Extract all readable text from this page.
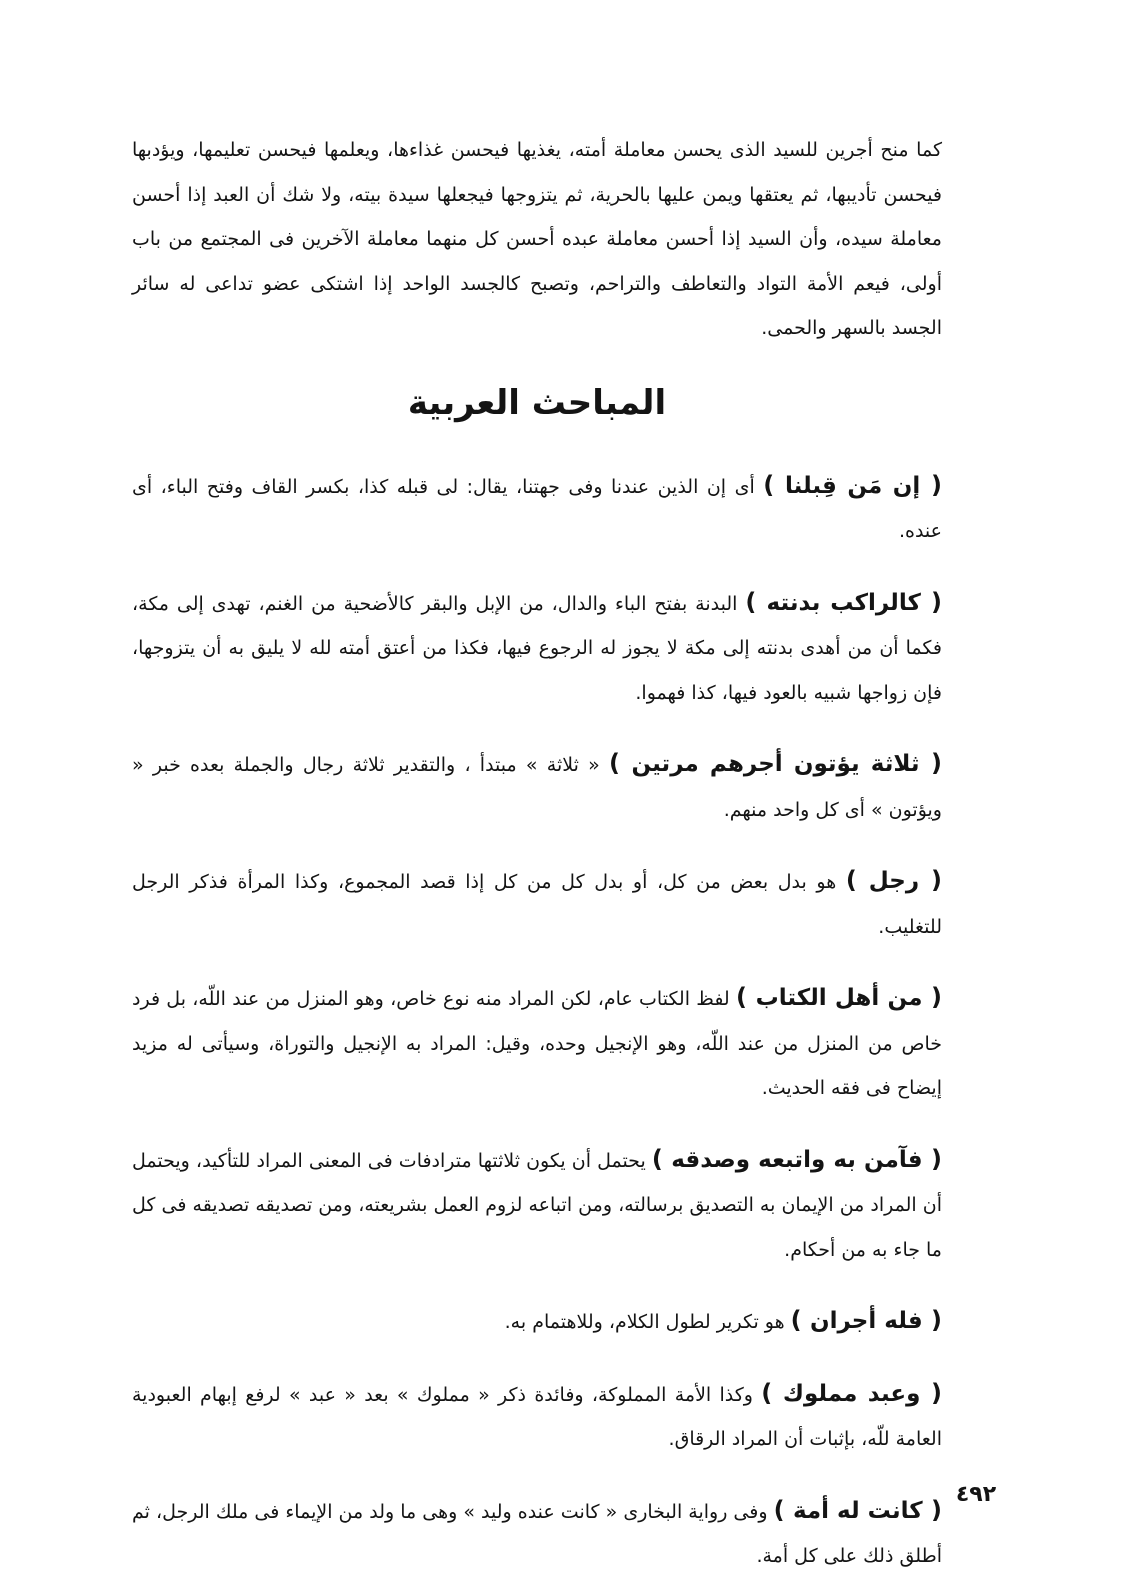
كما منح أجرين للسيد الذى يحسن معاملة أمته، يغذيها فيحسن غذاءها، ويعلمها فيحسن تعليمها، ويؤدبها فيحسن تأديبها، ثم يعتقها ويمن عليها بالحرية، ثم يتزوجها فيجعلها سيدة بيته، ولا شك أن العبد إذا أحسن معاملة سيده، وأن السيد إذا أحسن معاملة عبده أحسن كل منهما معاملة الآخرين فى المجتمع من باب أولى، فيعم الأمة التواد والتعاطف والتراحم، وتصبح كالجسد الواحد إذا اشتكى عضو تداعى له سائر الجسد بالسهر والحمى.

المباحث العربية

( إن مَن قِبلنا ) أى إن الذين عندنا وفى جهتنا، يقال: لى قبله كذا، بكسر القاف وفتح الباء، أى عنده.

( كالراكب بدنته ) البدنة بفتح الباء والدال، من الإبل والبقر كالأضحية من الغنم، تهدى إلى مكة، فكما أن من أهدى بدنته إلى مكة لا يجوز له الرجوع فيها، فكذا من أعتق أمته لله لا يليق به أن يتزوجها، فإن زواجها شبيه بالعود فيها، كذا فهموا.

( ثلاثة يؤتون أجرهم مرتين ) « ثلاثة » مبتدأ ، والتقدير ثلاثة رجال والجملة بعده خبر « ويؤتون » أى كل واحد منهم.

( رجل ) هو بدل بعض من كل، أو بدل كل من كل إذا قصد المجموع، وكذا المرأة فذكر الرجل للتغليب.

( من أهل الكتاب ) لفظ الكتاب عام، لكن المراد منه نوع خاص، وهو المنزل من عند اللّه، بل فرد خاص من المنزل من عند اللّه، وهو الإنجيل وحده، وقيل: المراد به الإنجيل والتوراة، وسيأتى له مزيد إيضاح فى فقه الحديث.

( فآمن به واتبعه وصدقه ) يحتمل أن يكون ثلاثتها مترادفات فى المعنى المراد للتأكيد، ويحتمل أن المراد من الإيمان به التصديق برسالته، ومن اتباعه لزوم العمل بشريعته، ومن تصديقه تصديقه فى كل ما جاء به من أحكام.

( فله أجران ) هو تكرير لطول الكلام، وللاهتمام به.

( وعبد مملوك ) وكذا الأمة المملوكة، وفائدة ذكر « مملوك » بعد « عبد » لرفع إبهام العبودية العامة للّه، بإثبات أن المراد الرقاق.

( كانت له أمة ) وفى رواية البخارى « كانت عنده وليد » وهى ما ولد من الإيماء فى ملك الرجل، ثم أطلق ذلك على كل أمة.

٤٩٢
